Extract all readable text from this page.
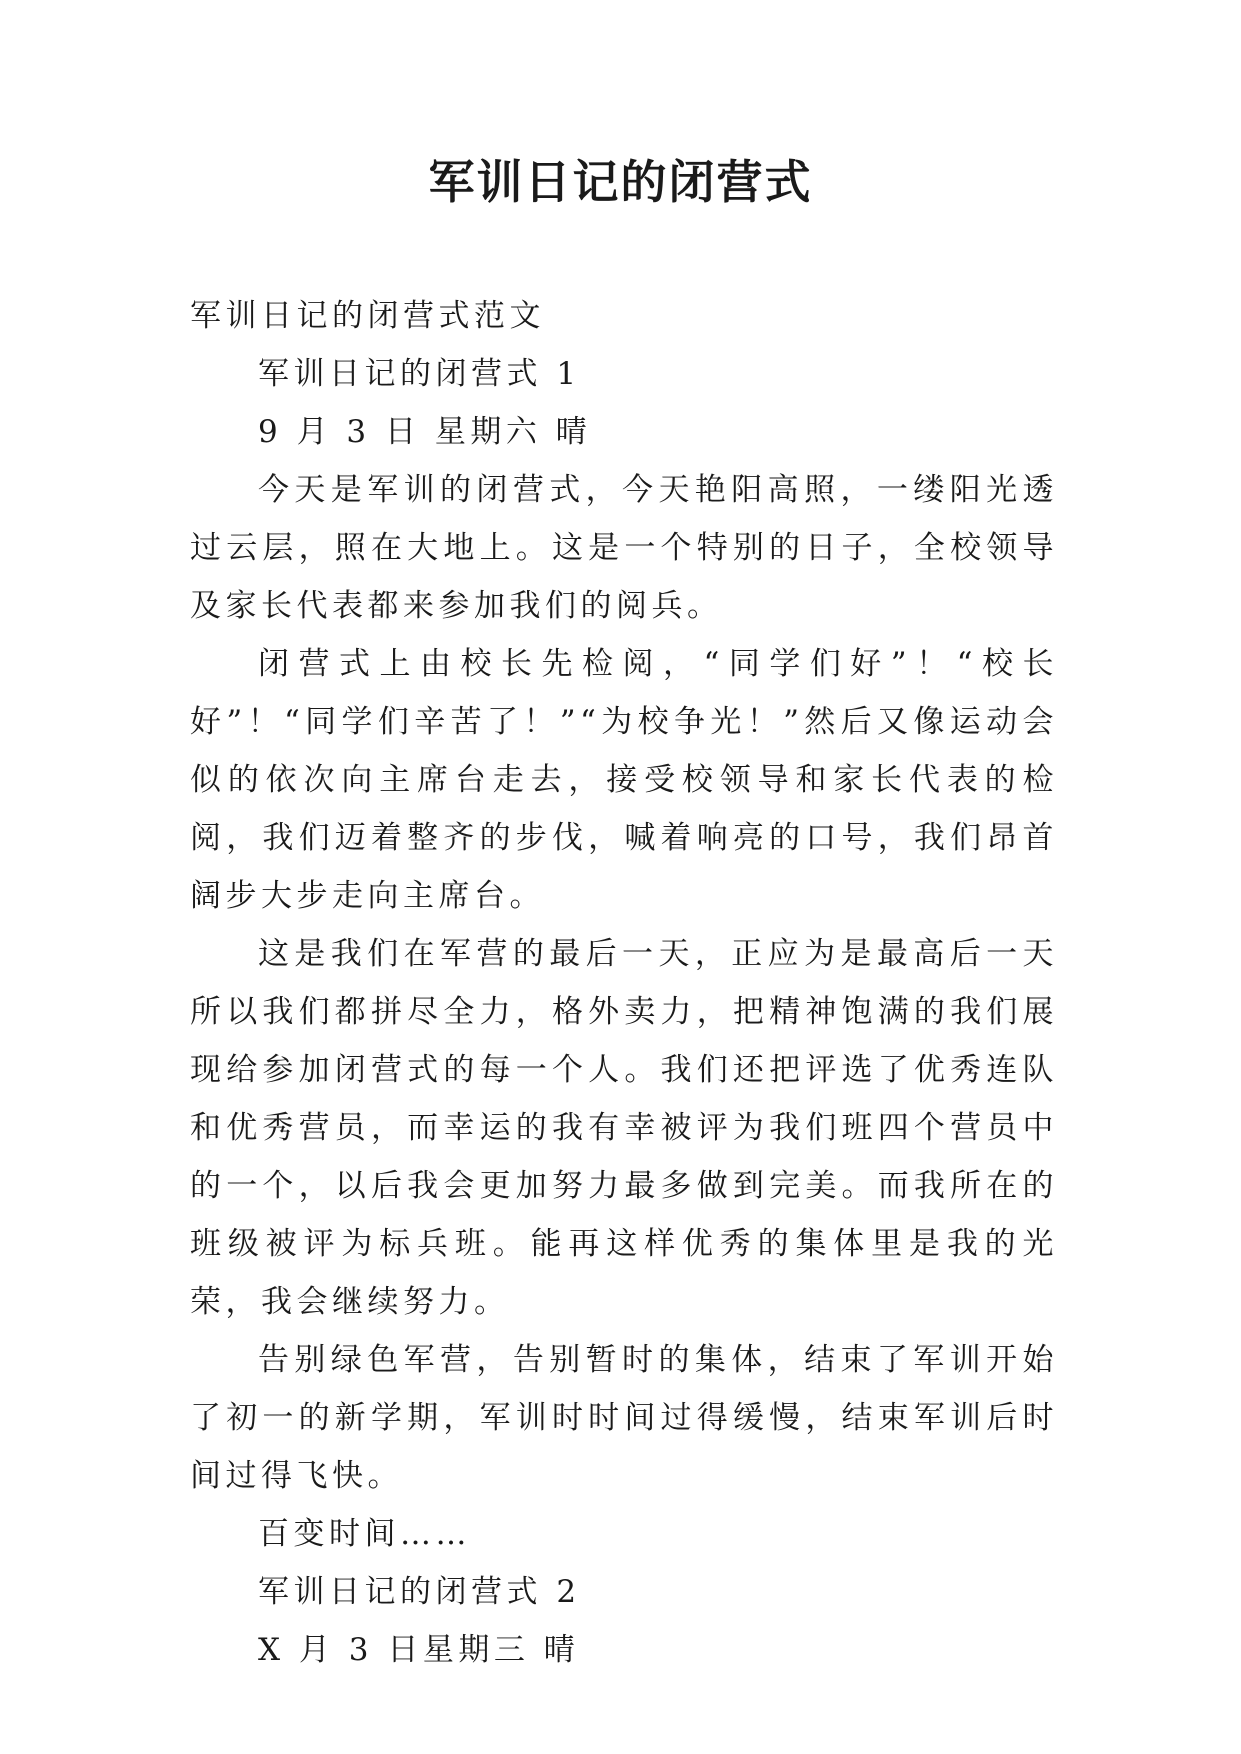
军训日记的闭营式

军训日记的闭营式范文

军训日记的闭营式 1

9 月 3 日 星期六 晴

今天是军训的闭营式，今天艳阳高照，一缕阳光透过云层，照在大地上。这是一个特别的日子，全校领导及家长代表都来参加我们的阅兵。

闭营式上由校长先检阅，“同学们好”！“校长好”！“同学们辛苦了！”“为校争光！”然后又像运动会似的依次向主席台走去，接受校领导和家长代表的检阅，我们迈着整齐的步伐，喊着响亮的口号，我们昂首阔步大步走向主席台。

这是我们在军营的最后一天，正应为是最高后一天所以我们都拼尽全力，格外卖力，把精神饱满的我们展现给参加闭营式的每一个人。我们还把评选了优秀连队和优秀营员，而幸运的我有幸被评为我们班四个营员中的一个，以后我会更加努力最多做到完美。而我所在的班级被评为标兵班。能再这样优秀的集体里是我的光荣，我会继续努力。

告别绿色军营，告别暂时的集体，结束了军训开始了初一的新学期，军训时时间过得缓慢，结束军训后时间过得飞快。

百变时间……

军训日记的闭营式 2

X 月 3 日星期三 晴
